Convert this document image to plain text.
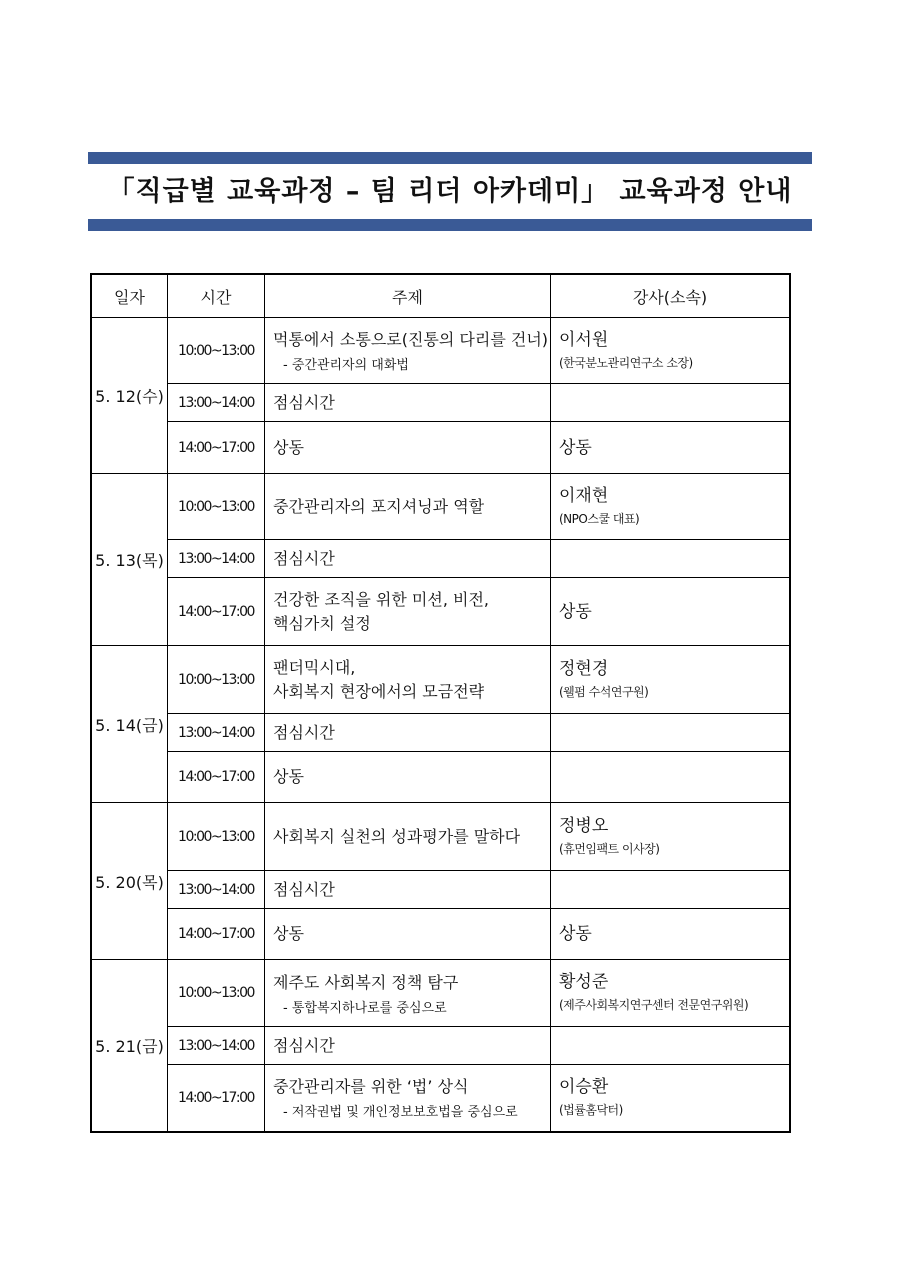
「직급별 교육과정 – 팀 리더 아카데미」 교육과정 안내
일자	시간	주제	강사(소속)
5. 12(수)	10:00~13:00	먹통에서 소통으로(진통의 다리를 건너)
- 중간관리자의 대화법	이서원
(한국분노관리연구소 소장)

	13:00~14:00	점심시간	

	14:00~17:00	상동	상동

5. 13(목)	10:00~13:00	중간관리자의 포지셔닝과 역할	이재현
(NPO스쿨 대표)

	13:00~14:00	점심시간	

	14:00~17:00	건강한 조직을 위한 미션, 비전,
핵심가치 설정	상동

5. 14(금)	10:00~13:00	팬더믹시대,
사회복지 현장에서의 모금전략	정현경
(웰펌 수석연구원)

	13:00~14:00	점심시간	

	14:00~17:00	상동	

5. 20(목)	10:00~13:00	사회복지 실천의 성과평가를 말하다	정병오
(휴먼임팩트 이사장)

	13:00~14:00	점심시간	

	14:00~17:00	상동	상동

5. 21(금)	10:00~13:00	제주도 사회복지 정책 탐구
- 통합복지하나로를 중심으로	황성준
(제주사회복지연구센터 전문연구위원)

	13:00~14:00	점심시간	

	14:00~17:00	중간관리자를 위한 ‘법’ 상식
- 저작권법 및 개인정보보호법을 중심으로	이승환
(법률홈닥터)
